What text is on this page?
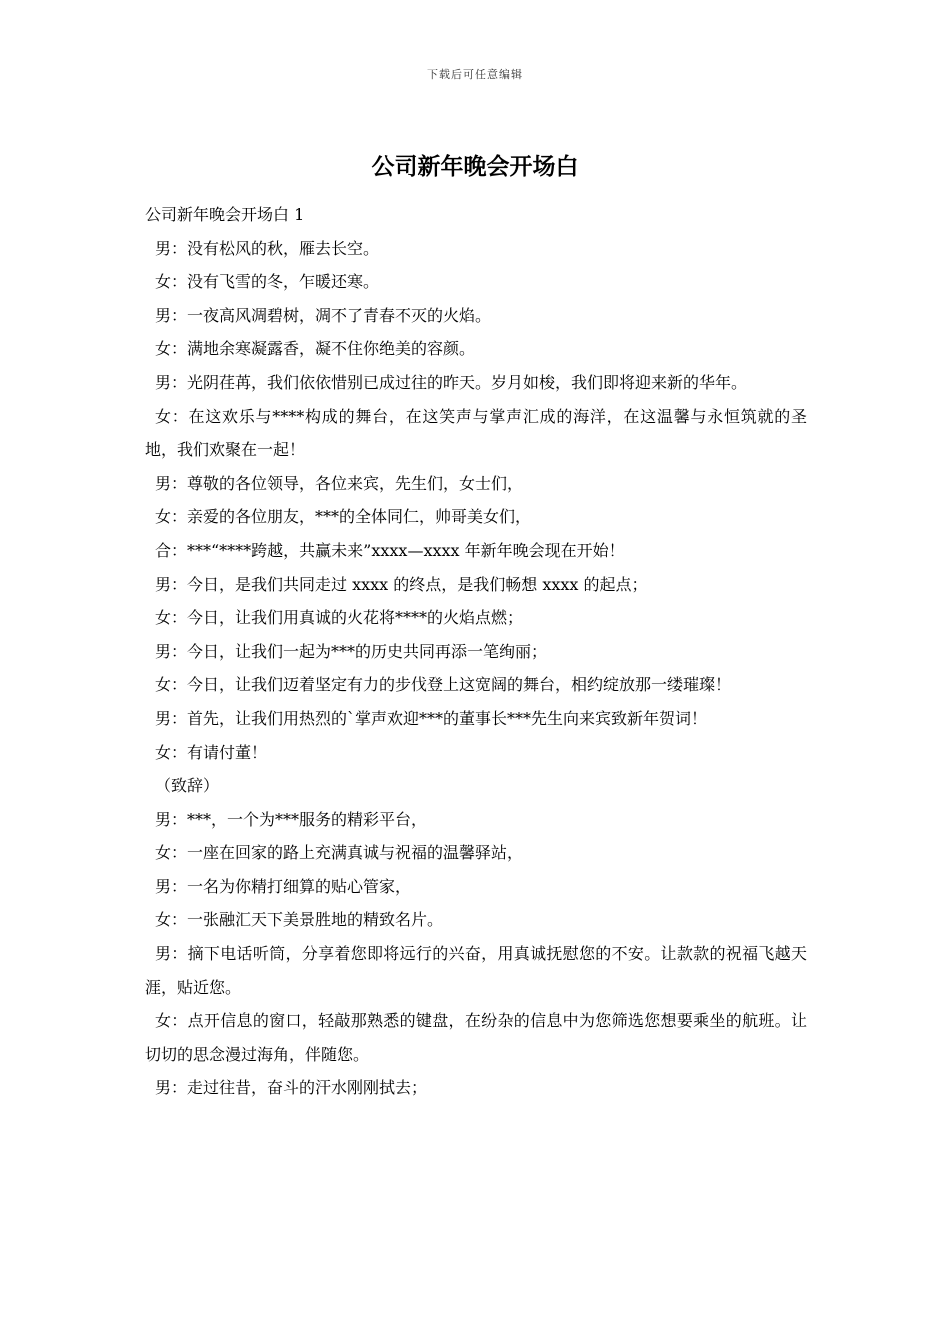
下载后可任意编辑
公司新年晚会开场白

公司新年晚会开场白 1

男：没有松风的秋，雁去长空。

女：没有飞雪的冬，乍暖还寒。

男：一夜高风凋碧树，凋不了青春不灭的火焰。

女：满地余寒凝露香，凝不住你绝美的容颜。

男：光阴荏苒，我们依依惜别已成过往的昨天。岁月如梭，我们即将迎来新的华年。

女：在这欢乐与****构成的舞台，在这笑声与掌声汇成的海洋，在这温馨与永恒筑就的圣地，我们欢聚在一起！

男：尊敬的各位领导，各位来宾，先生们，女士们，

女：亲爱的各位朋友，***的全体同仁，帅哥美女们，

合：***“****跨越，共赢未来”xxxx—xxxx 年新年晚会现在开始！

男：今日，是我们共同走过 xxxx 的终点，是我们畅想 xxxx 的起点；

女：今日，让我们用真诚的火花将****的火焰点燃；

男：今日，让我们一起为***的历史共同再添一笔绚丽；

女：今日，让我们迈着坚定有力的步伐登上这宽阔的舞台，相约绽放那一缕璀璨！

男：首先，让我们用热烈的`掌声欢迎***的董事长***先生向来宾致新年贺词！

女：有请付董！

（致辞）

男：***，一个为***服务的精彩平台，

女：一座在回家的路上充满真诚与祝福的温馨驿站，

男：一名为你精打细算的贴心管家，

女：一张融汇天下美景胜地的精致名片。

男：摘下电话听筒，分享着您即将远行的兴奋，用真诚抚慰您的不安。让款款的祝福飞越天涯，贴近您。

女：点开信息的窗口，轻敲那熟悉的键盘，在纷杂的信息中为您筛选您想要乘坐的航班。让切切的思念漫过海角，伴随您。

男：走过往昔，奋斗的汗水刚刚拭去；
